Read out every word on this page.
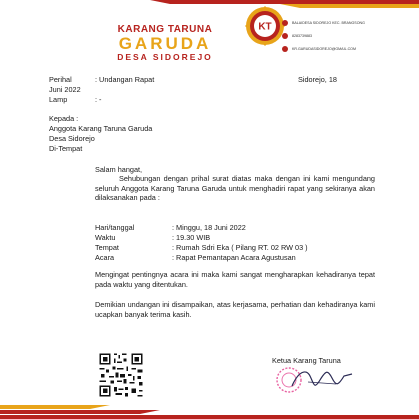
KARANG TARUNA
GARUDA
DESA SIDOREJO
KT	BALAIDESA SIDOREJO KEC. BRANGSONG
8283739883
KR.GARUDASIDOREJO@GMAIL.COM
Perihal	: Undangan Rapat	Sidorejo, 18
Juni 2022
Lamp	: -
Kepada :
Anggota Karang Taruna Garuda
Desa Sidorejo
Di-Tempat
Salam hangat,
Sehubungan dengan prihal surat diatas maka dengan ini kami mengundang seluruh Anggota Karang Taruna Garuda untuk menghadiri rapat yang sekiranya akan dilaksanakan pada :
Hari/tanggal	: Minggu, 18 Juni 2022
Waktu	: 19.30 WIB
Tempat	: Rumah Sdri Eka ( Pilang RT. 02 RW 03 )
Acara	: Rapat Pemantapan Acara Agustusan
Mengingat pentingnya acara ini maka kami sangat mengharapkan kehadiranya tepat pada waktu yang ditentukan.
Demikian undangan ini disampaikan, atas kerjasama, perhatian dan kehadiranya kami ucapkan banyak terima kasih.
Ketua Karang Taruna
